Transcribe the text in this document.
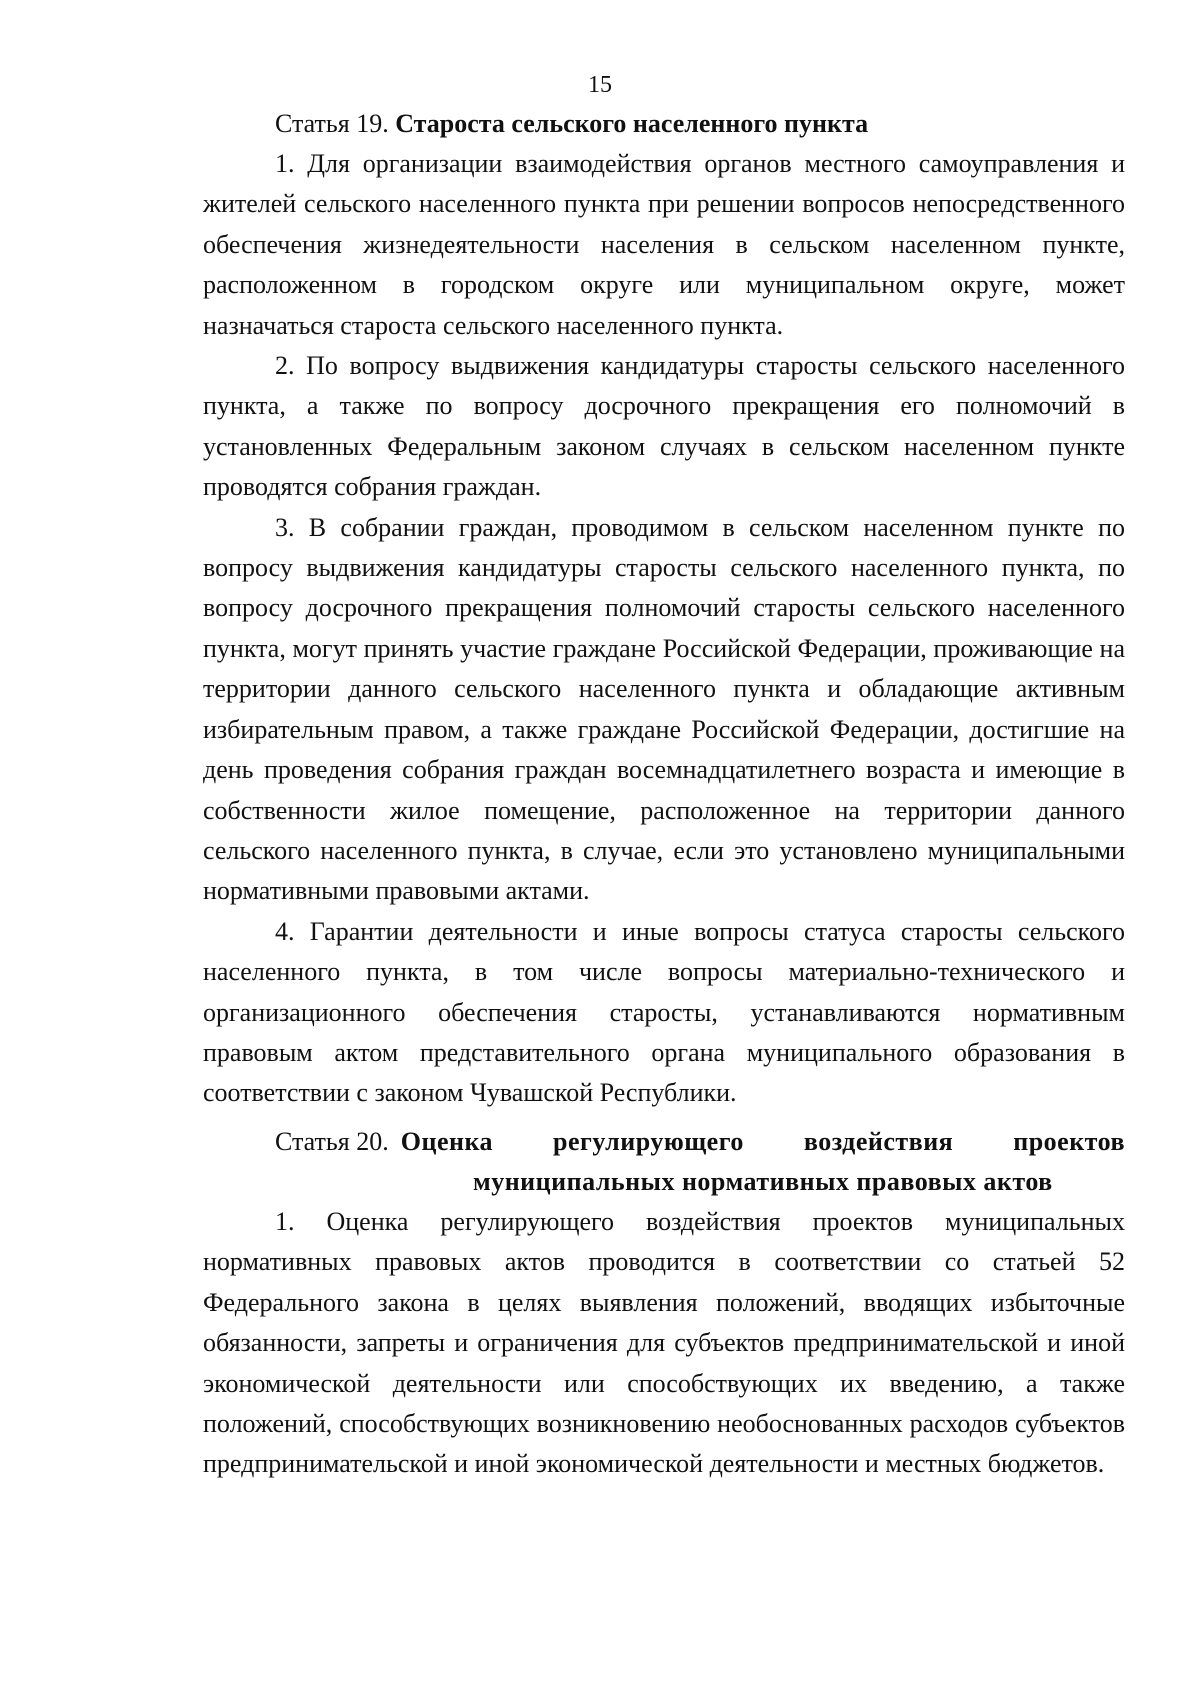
15

Статья 19. Староста сельского населенного пункта

1. Для организации взаимодействия органов местного самоуправления и жителей сельского населенного пункта при решении вопросов непосредственного обеспечения жизнедеятельности населения в сельском населенном пункте, расположенном в городском округе или муниципальном округе, может назначаться староста сельского населенного пункта.

2. По вопросу выдвижения кандидатуры старосты сельского населенного пункта, а также по вопросу досрочного прекращения его полномочий в установленных Федеральным законом случаях в сельском населенном пункте проводятся собрания граждан.

3. В собрании граждан, проводимом в сельском населенном пункте по вопросу выдвижения кандидатуры старосты сельского населенного пункта, по вопросу досрочного прекращения полномочий старосты сельского населенного пункта, могут принять участие граждане Российской Федерации, проживающие на территории данного сельского населенного пункта и обладающие активным избирательным правом, а также граждане Российской Федерации, достигшие на день проведения собрания граждан восемнадцатилетнего возраста и имеющие в собственности жилое помещение, расположенное на территории данного сельского населенного пункта, в случае, если это установлено муниципальными нормативными правовыми актами.

4. Гарантии деятельности и иные вопросы статуса старосты сельского населенного пункта, в том числе вопросы материально-технического и организационного обеспечения старосты, устанавливаются нормативным правовым актом представительного органа муниципального образования в соответствии с законом Чувашской Республики.

Статья 20. Оценка регулирующего воздействия проектов муниципальных нормативных правовых актов

1. Оценка регулирующего воздействия проектов муниципальных нормативных правовых актов проводится в соответствии со статьей 52 Федерального закона в целях выявления положений, вводящих избыточные обязанности, запреты и ограничения для субъектов предпринимательской и иной экономической деятельности или способствующих их введению, а также положений, способствующих возникновению необоснованных расходов субъектов предпринимательской и иной экономической деятельности и местных бюджетов.
